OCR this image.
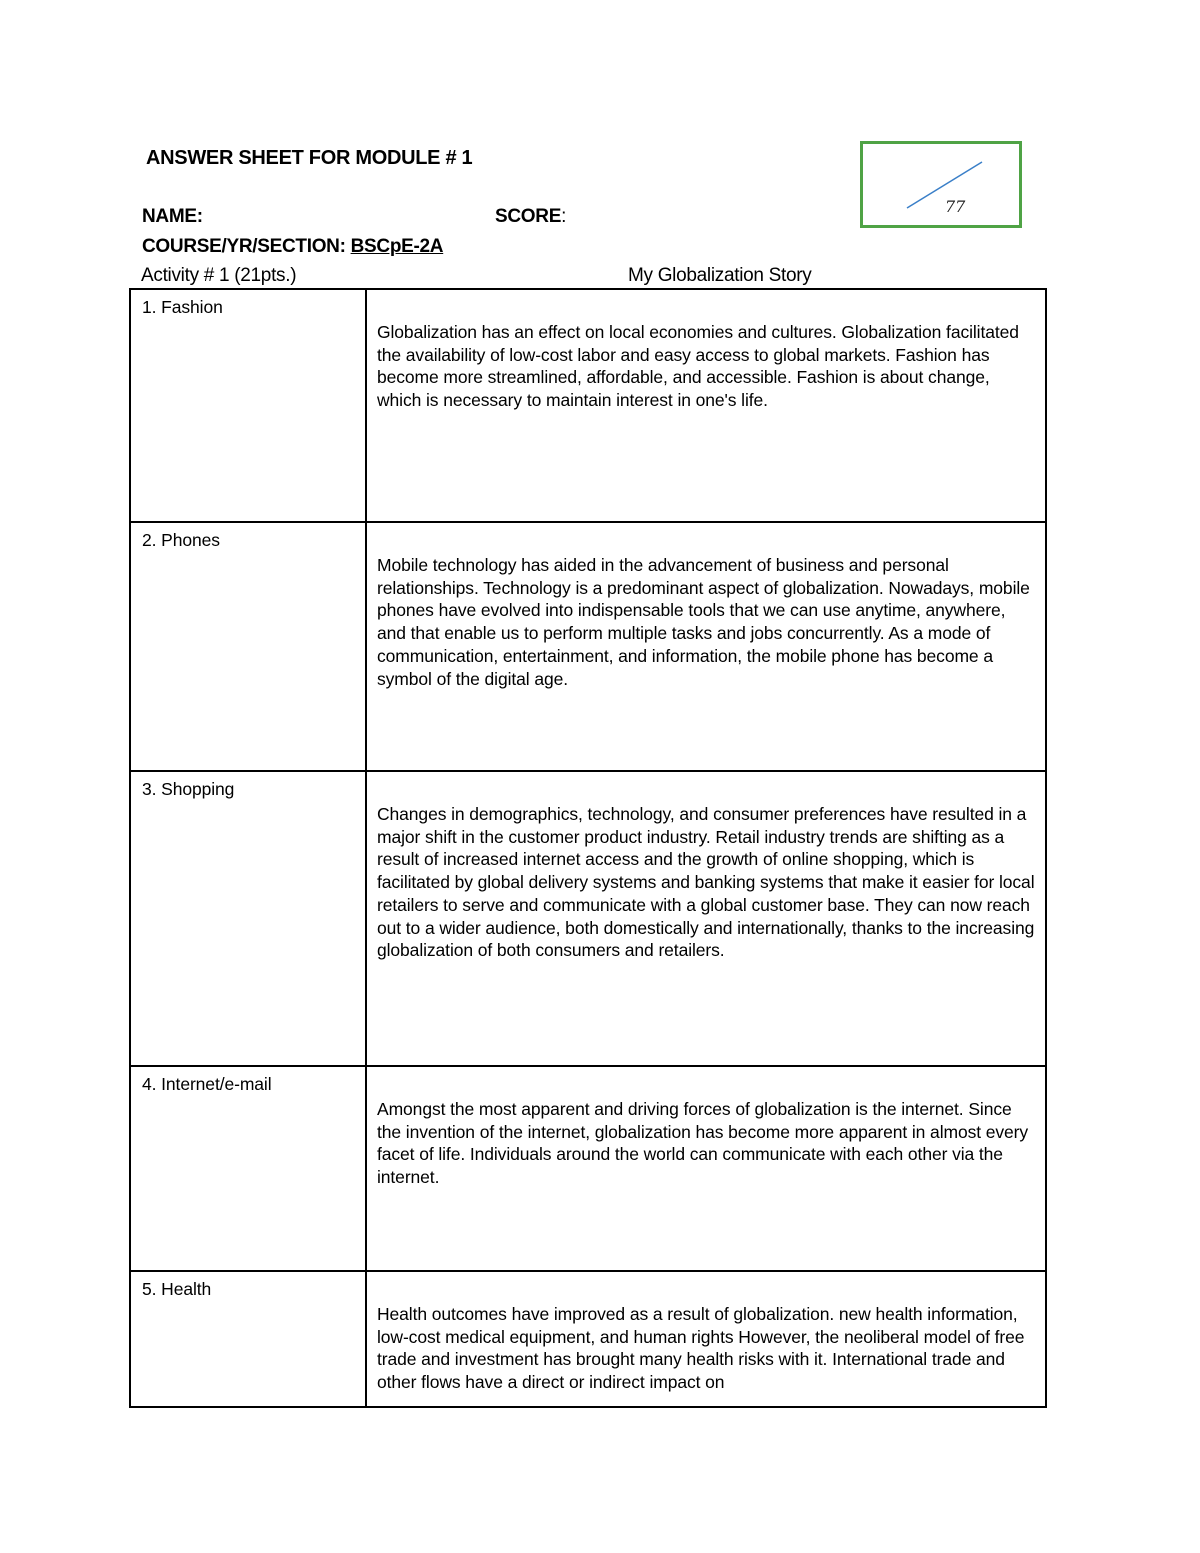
ANSWER SHEET FOR MODULE # 1
NAME:	SCORE:
COURSE/YR/SECTION: BSCpE-2A
Activity # 1 (21pts.)	My Globalization Story
77
1. Fashion	Globalization has an effect on local economies and cultures. Globalization facilitated the availability of low-cost labor and easy access to global markets. Fashion has become more streamlined, affordable, and accessible. Fashion is about change, which is necessary to maintain interest in one's life.

2. Phones	Mobile technology has aided in the advancement of business and personal relationships. Technology is a predominant aspect of globalization. Nowadays, mobile phones have evolved into indispensable tools that we can use anytime, anywhere, and that enable us to perform multiple tasks and jobs concurrently. As a mode of communication, entertainment, and information, the mobile phone has become a symbol of the digital age.

3. Shopping	Changes in demographics, technology, and consumer preferences have resulted in a major shift in the customer product industry. Retail industry trends are shifting as a result of increased internet access and the growth of online shopping, which is facilitated by global delivery systems and banking systems that make it easier for local retailers to serve and communicate with a global customer base. They can now reach out to a wider audience, both domestically and internationally, thanks to the increasing globalization of both consumers and retailers.

4. Internet/e-mail	Amongst the most apparent and driving forces of globalization is the internet. Since the invention of the internet, globalization has become more apparent in almost every facet of life. Individuals around the world can communicate with each other via the internet.

5. Health	Health outcomes have improved as a result of globalization. new health information, low-cost medical equipment, and human rights However, the neoliberal model of free trade and investment has brought many health risks with it. International trade and other flows have a direct or indirect impact on
